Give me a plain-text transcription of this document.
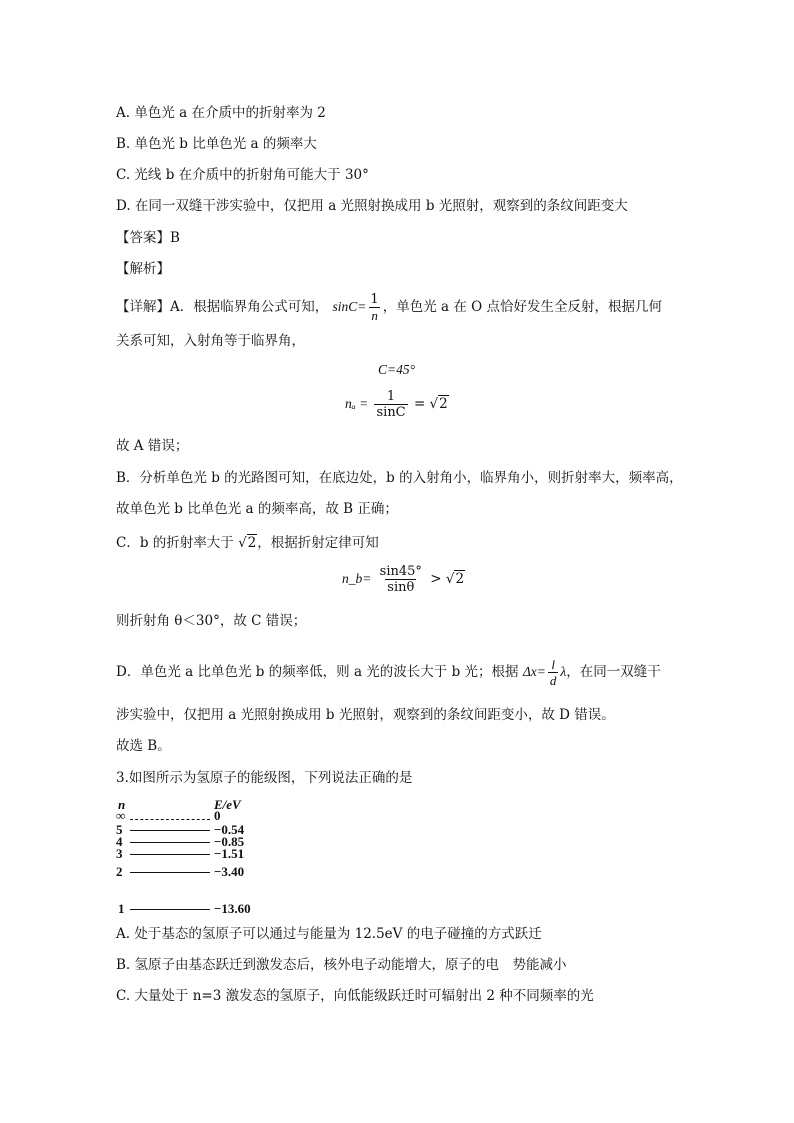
A. 单色光 a 在介质中的折射率为 2
B. 单色光 b 比单色光 a 的频率大
C. 光线 b 在介质中的折射角可能大于 30°
D. 在同一双缝干涉实验中，仅把用 a 光照射换成用 b 光照射，观察到的条纹间距变大
【答案】B
【解析】
【详解】A．根据临界角公式可知， $\sin C= \frac{1}{n}$ ，单色光 a 在 O 点恰好发生全反射，根据几何
关系可知，入射角等于临界角，
C=45°
$n_a = \frac{1}{\sin C} = √2$
故 A 错误；
B．分析单色光 b 的光路图可知，在底边处，b 的入射角小，临界角小，则折射率大，频率高，
故单色光 b 比单色光 a 的频率高，故 B 正确；
C．b 的折射率大于 √2，根据折射定律可知
n_b= $\frac{\sin 45^\circ}{\sin\theta} > √2$
则折射角 θ＜30°，故 C 错误；
D．单色光 a 比单色光 b 的频率低，则 a 光的波长大于 b 光；根据 $\Delta x= \frac{l}{d}$ λ，在同一双缝干
涉实验中，仅把用 a 光照射换成用 b 光照射，观察到的条纹间距变小，故 D 错误。
故选 B。
3.如图所示为氢原子的能级图，下列说法正确的是
n	E/eV
∞	0
5	−0.54
4	−0.85
3	−1.51
2	−3.40
1	−13.60
A. 处于基态的氢原子可以通过与能量为 12.5eV 的电子碰撞的方式跃迁
B. 氢原子由基态跃迁到激发态后，核外电子动能增大，原子的电　势能减小
C. 大量处于 n=3 激发态的氢原子，向低能级跃迁时可辐射出 2 种不同频率的光
